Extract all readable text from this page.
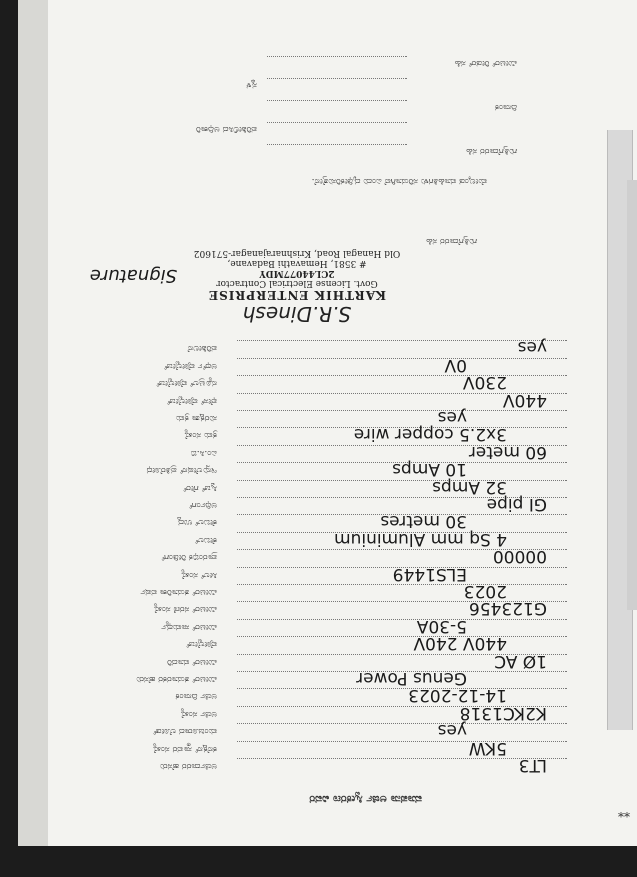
ಮಾಪನಾ ಅರ್ಜಿ ಸ್ವೀಕರಣ ವಿವರ
ಅರ್ಜಿದಾರರ ಹೆಸರು	LT3
ಕನೆಕ್ಷನ್ ಸ್ಥಾವರ ಸಂಖ್ಯೆ	5KW
ಮಂಜೂರಾದ ಲೋಡ್	yes
ಅರ್ಜಿ ಸಂಖ್ಯೆ	K2KC1318
ಅರ್ಜಿ ದಿನಾಂಕ	14-12-2023
ಮೀಟರ್ ತಯಾರಕರ ಹೆಸರು	Genus Power
ಮೀಟರ್ ಮಾದರಿ	1Ø AC
ವೋಲ್ಟೇಜ್	440V 240V
ಮೀಟರ್ ಸಾಮರ್ಥ್ಯ	5-30A
ಮೀಟರ್ ಸರಣಿ ಸಂಖ್ಯೆ	G123456
ಮೀಟರ್ ತಯಾರಿಕಾ ವರ್ಷ	2023
ಸೀಲ್ ಸಂಖ್ಯೆ	ELS1449
ಪ್ರಾರಂಭಿಕ ರೀಡಿಂಗ್	00000
ಕೇಬಲ್	4 Sq mm Aluminium
ಕೇಬಲ್ ಉದ್ದ	30 metres
ಅರ್ಥಿಂಗ್	GI pipe
ಸ್ವಿಚ್ ಗೇರ್	32 Amps
ಇನ್ಸುಲೇಷನ್ ಪ್ರತಿರೋಧ	10 Amps
ಎಂ.ಸಿ.ಬಿ	60 meter
ಕ್ರಮ ಸಂಖ್ಯೆ	3x2.5 copper wire
ಸುರಕ್ಷತಾ ಕ್ರಮ	yes
ಫೇಸ್ ವೋಲ್ಟೇಜ್	440V
ನ್ಯೂಟ್ರಲ್ ವೋಲ್ಟೇಜ್	230V
ಅರ್ಥ್ ವೋಲ್ಟೇಜ್	0V
ಪರಿಶೀಲನೆ	yes
S.R.Dinesh
KARTHIK ENTERPRISE
Govt. License Electrical Contractor
2CL44077MDY
# 3581, Hemavathi Badavane,
Old Hanagal Road, Krishnarajanagar-571602
Signature
ಗುತ್ತಿಗೆದಾರರ ಸಹಿ
ಮೇಲ್ಕಂಡ ಮಾಹಿತಿಗಳು ಸರಿಯಾಗಿವೆ ಎಂದು ದೃಢೀಕರಿಸುತ್ತೇನೆ.
ಗುತ್ತಿಗೆದಾರರ ಸಹಿ
ಪರಿಶೀಲಿಸಿದ ಅಧಿಕಾರಿ
ದಿನಾಂಕ
ಸ್ಥಳ
ಮೀಟರ್ ರೀಡರ್ ಸಹಿ
**
